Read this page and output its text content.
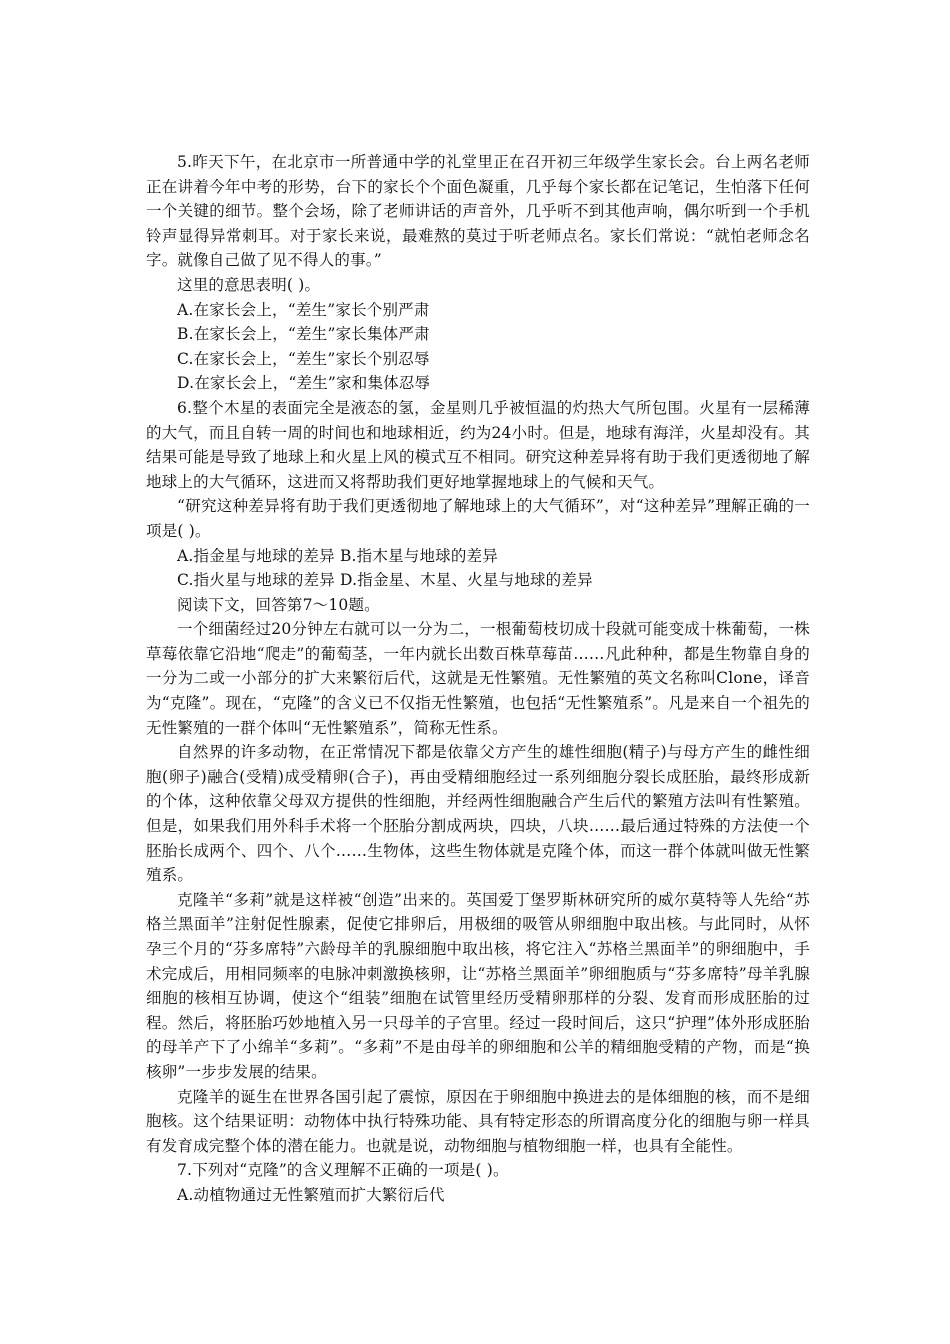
5.昨天下午，在北京市一所普通中学的礼堂里正在召开初三年级学生家长会。台上两名老师正在讲着今年中考的形势，台下的家长个个面色凝重，几乎每个家长都在记笔记，生怕落下任何一个关键的细节。整个会场，除了老师讲话的声音外，几乎听不到其他声响，偶尔听到一个手机铃声显得异常刺耳。对于家长来说，最难熬的莫过于听老师点名。家长们常说：“就怕老师念名字。就像自己做了见不得人的事。”

这里的意思表明( )。

A.在家长会上，“差生”家长个别严肃

B.在家长会上，“差生”家长集体严肃

C.在家长会上，“差生”家长个别忍辱

D.在家长会上，“差生”家和集体忍辱

6.整个木星的表面完全是液态的氢，金星则几乎被恒温的灼热大气所包围。火星有一层稀薄的大气，而且自转一周的时间也和地球相近，约为24小时。但是，地球有海洋，火星却没有。其结果可能是导致了地球上和火星上风的模式互不相同。研究这种差异将有助于我们更透彻地了解地球上的大气循环，这进而又将帮助我们更好地掌握地球上的气候和天气。

“研究这种差异将有助于我们更透彻地了解地球上的大气循环”，对“这种差异”理解正确的一项是( )。

A.指金星与地球的差异 B.指木星与地球的差异

C.指火星与地球的差异 D.指金星、木星、火星与地球的差异

阅读下文，回答第7～10题。

一个细菌经过20分钟左右就可以一分为二，一根葡萄枝切成十段就可能变成十株葡萄，一株草莓依靠它沿地“爬走”的葡萄茎，一年内就长出数百株草莓苗……凡此种种，都是生物靠自身的一分为二或一小部分的扩大来繁衍后代，这就是无性繁殖。无性繁殖的英文名称叫Clone，译音为“克隆”。现在，“克隆”的含义已不仅指无性繁殖，也包括“无性繁殖系”。凡是来自一个祖先的无性繁殖的一群个体叫“无性繁殖系”，简称无性系。

自然界的许多动物，在正常情况下都是依靠父方产生的雄性细胞(精子)与母方产生的雌性细胞(卵子)融合(受精)成受精卵(合子)，再由受精细胞经过一系列细胞分裂长成胚胎，最终形成新的个体，这种依靠父母双方提供的性细胞，并经两性细胞融合产生后代的繁殖方法叫有性繁殖。但是，如果我们用外科手术将一个胚胎分割成两块，四块，八块……最后通过特殊的方法使一个胚胎长成两个、四个、八个……生物体，这些生物体就是克隆个体，而这一群个体就叫做无性繁殖系。

克隆羊“多莉”就是这样被“创造”出来的。英国爱丁堡罗斯林研究所的威尔莫特等人先给“苏格兰黑面羊”注射促性腺素，促使它排卵后，用极细的吸管从卵细胞中取出核。与此同时，从怀孕三个月的“芬多席特”六龄母羊的乳腺细胞中取出核，将它注入“苏格兰黑面羊”的卵细胞中，手术完成后，用相同频率的电脉冲刺激换核卵，让“苏格兰黑面羊”卵细胞质与“芬多席特”母羊乳腺细胞的核相互协调，使这个“组装”细胞在试管里经历受精卵那样的分裂、发育而形成胚胎的过程。然后，将胚胎巧妙地植入另一只母羊的子宫里。经过一段时间后，这只“护理”体外形成胚胎的母羊产下了小绵羊“多莉”。“多莉”不是由母羊的卵细胞和公羊的精细胞受精的产物，而是“换核卵”一步步发展的结果。

克隆羊的诞生在世界各国引起了震惊，原因在于卵细胞中换进去的是体细胞的核，而不是细胞核。这个结果证明：动物体中执行特殊功能、具有特定形态的所谓高度分化的细胞与卵一样具有发育成完整个体的潜在能力。也就是说，动物细胞与植物细胞一样，也具有全能性。

7.下列对“克隆”的含义理解不正确的一项是( )。

A.动植物通过无性繁殖而扩大繁衍后代
